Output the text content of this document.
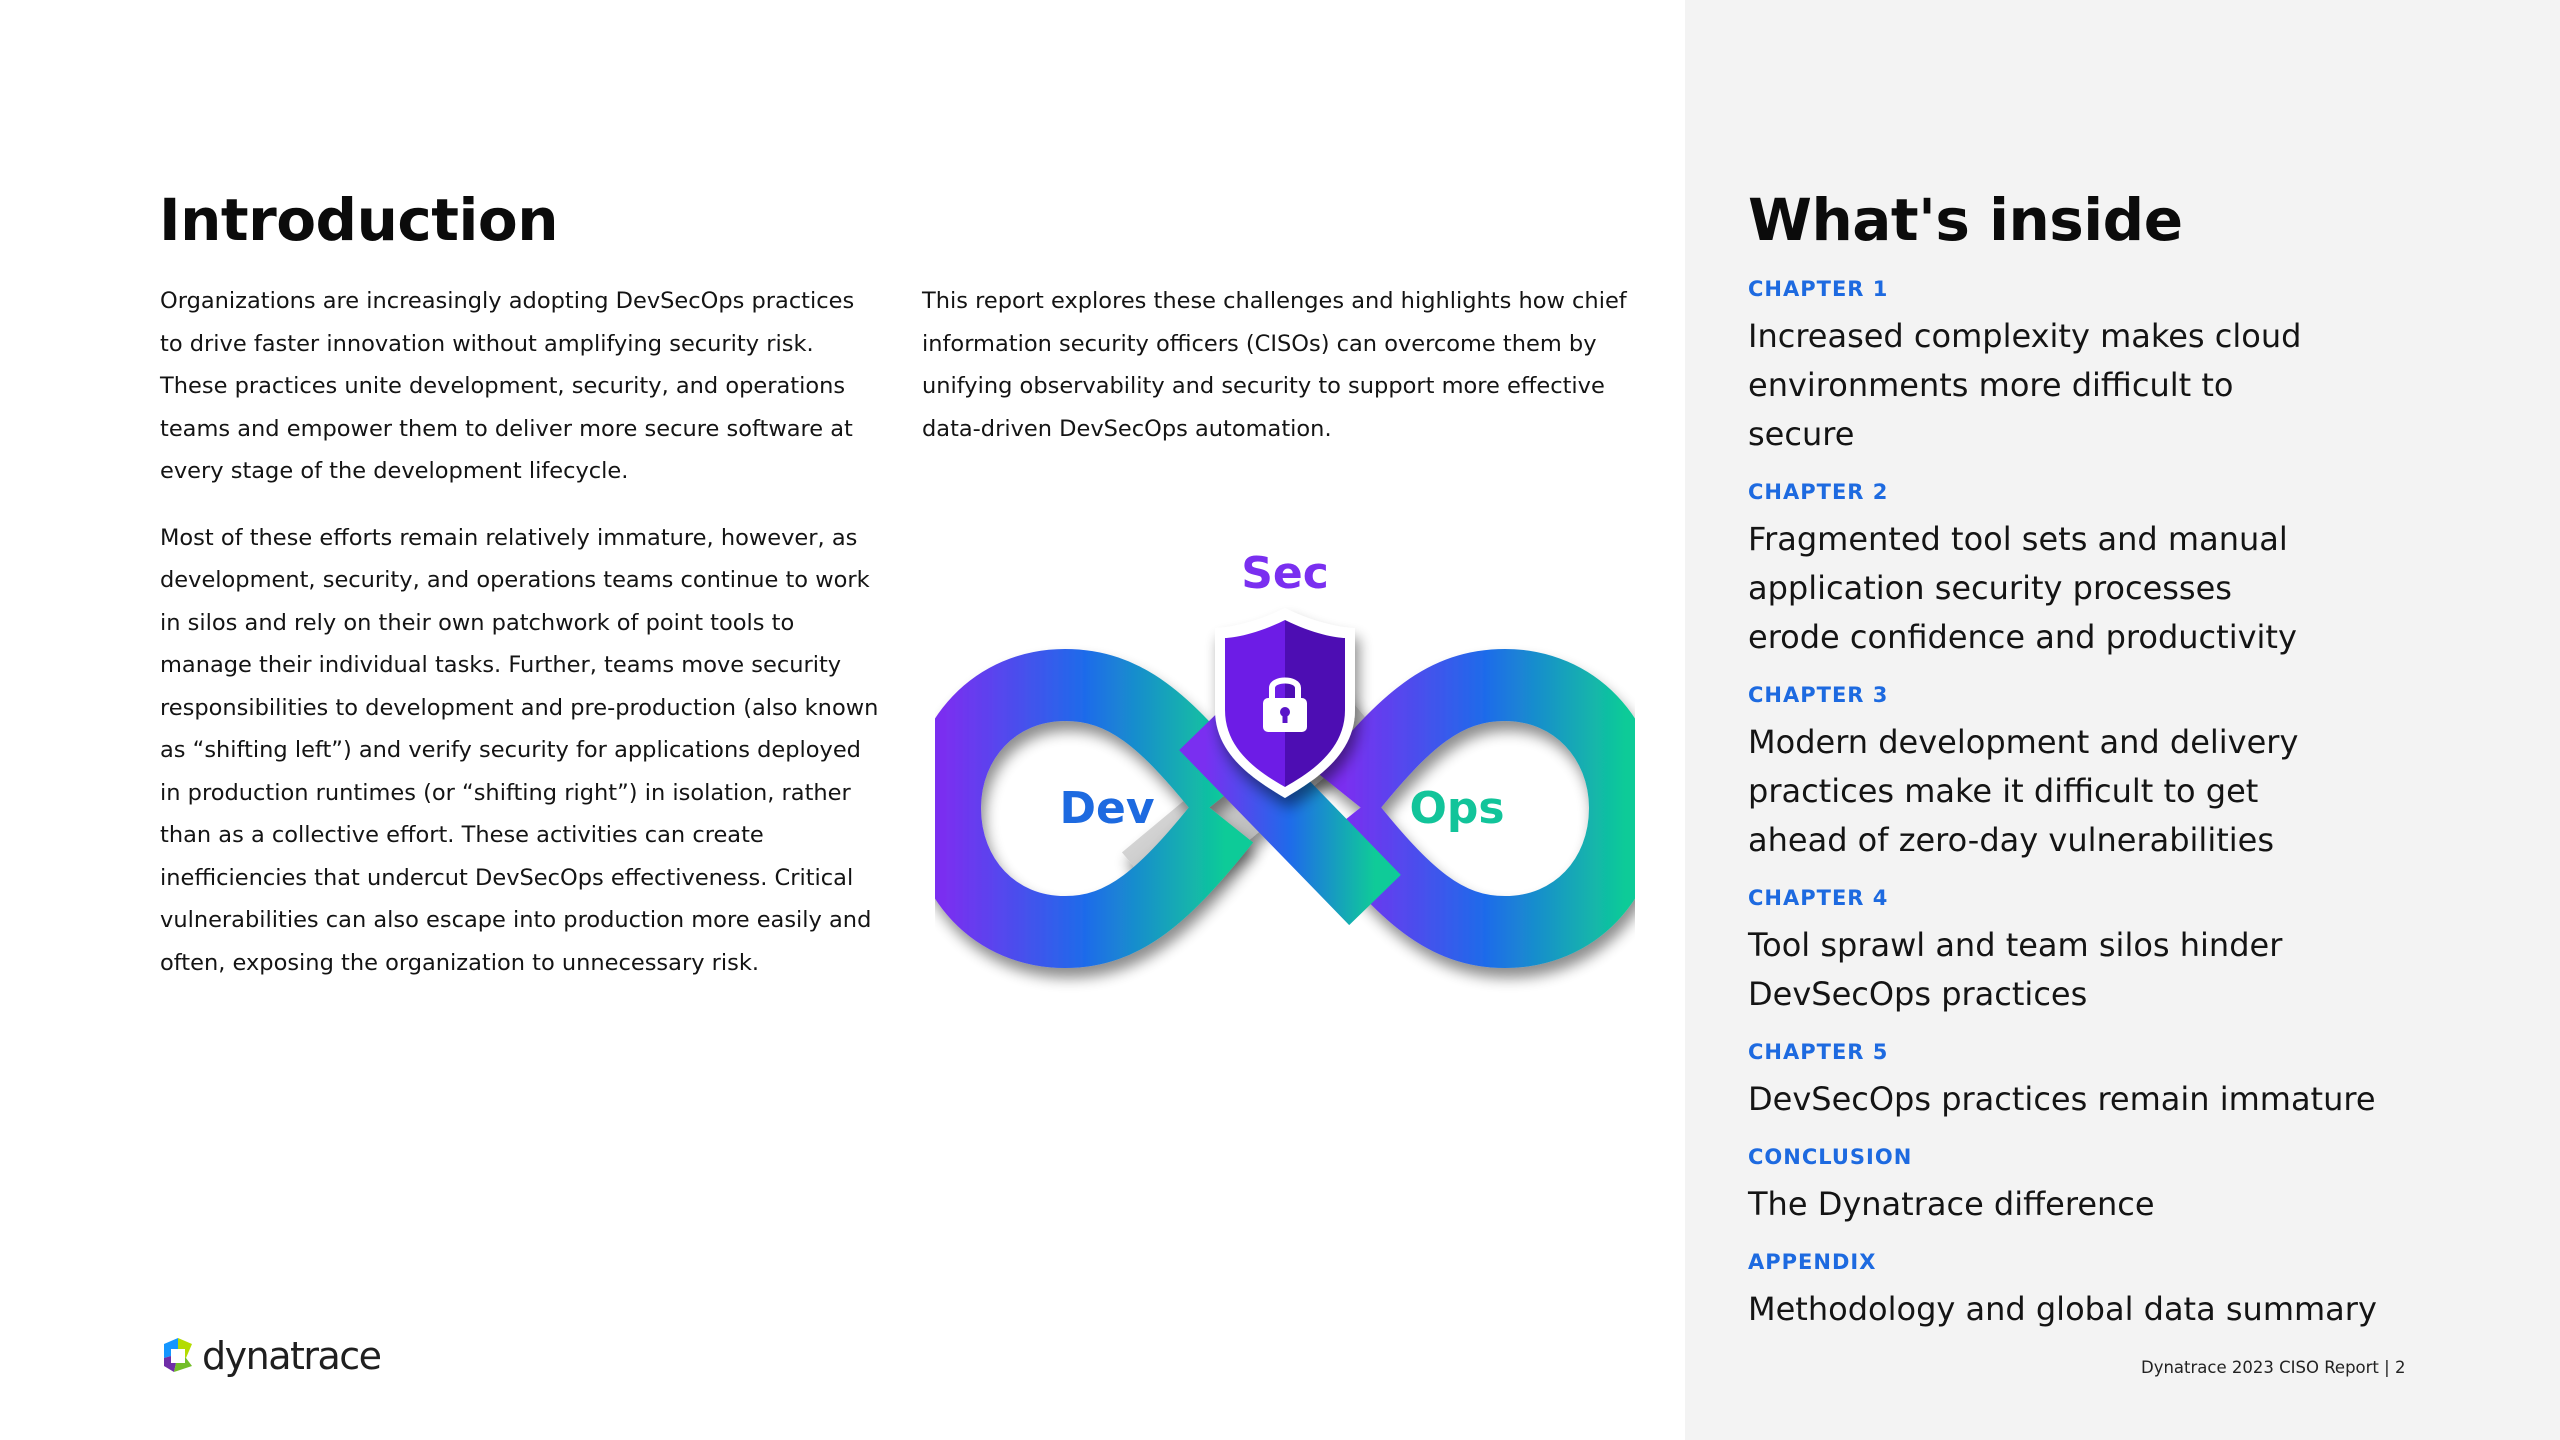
Introduction

Organizations are increasingly adopting DevSecOps practices to drive faster innovation without amplifying security risk. These practices unite development, security, and operations teams and empower them to deliver more secure software at every stage of the development lifecycle.

Most of these efforts remain relatively immature, however, as development, security, and operations teams continue to work in silos and rely on their own patchwork of point tools to manage their individual tasks. Further, teams move security responsibilities to development and pre-production (also known as “shifting left”) and verify security for applications deployed in production runtimes (or “shifting right”) in isolation, rather than as a collective effort. These activities can create inefficiencies that undercut DevSecOps effectiveness. Critical vulnerabilities can also escape into production more easily and often, exposing the organization to unnecessary risk.

This report explores these challenges and highlights how chief information security officers (CISOs) can overcome them by unifying observability and security to support more effective data-driven DevSecOps automation.

Sec
Dev	Ops
dynatrace
What's inside
CHAPTER 1
Increased complexity makes cloud environments more difficult to secure
CHAPTER 2
Fragmented tool sets and manual application security processes erode confidence and productivity
CHAPTER 3
Modern development and delivery practices make it difficult to get ahead of zero-day vulnerabilities
CHAPTER 4
Tool sprawl and team silos hinder DevSecOps practices
CHAPTER 5
DevSecOps practices remain immature
CONCLUSION
The Dynatrace difference
APPENDIX
Methodology and global data summary
Dynatrace 2023 CISO Report | 2
